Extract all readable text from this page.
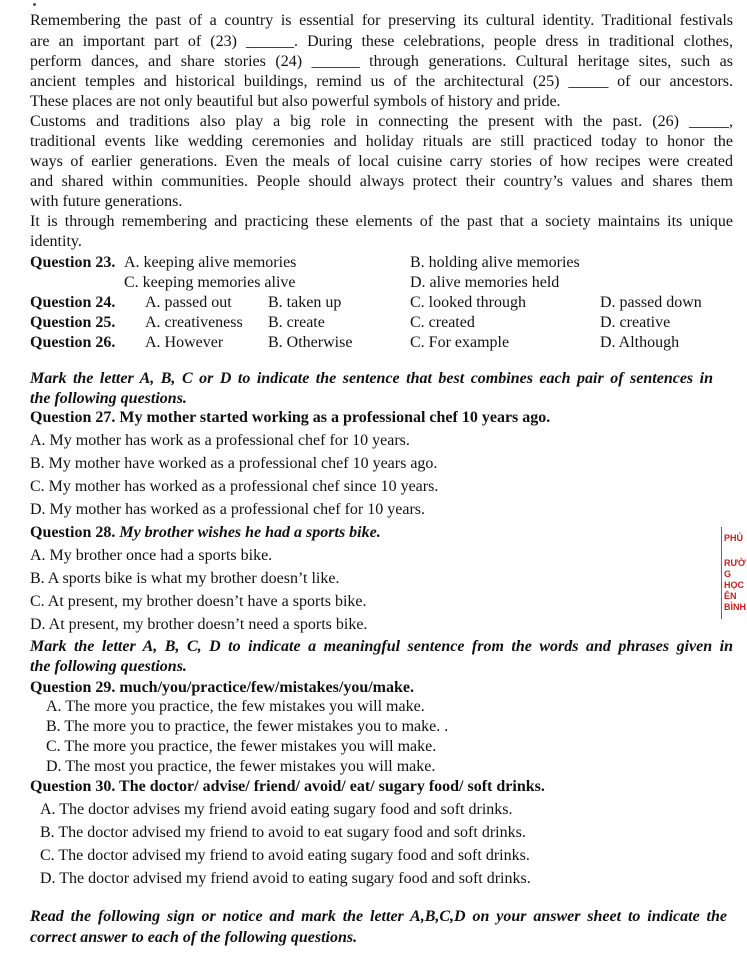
Remembering the past of a country is essential for preserving its cultural identity. Traditional festivals
are an important part of (23) ______. During these celebrations, people dress in traditional clothes,
perform dances, and share stories (24) ______ through generations. Cultural heritage sites, such as
ancient temples and historical buildings, remind us of the architectural (25) _____ of our ancestors.
These places are not only beautiful but also powerful symbols of history and pride.
Customs and traditions also play a big role in connecting the present with the past. (26) _____,
traditional events like wedding ceremonies and holiday rituals are still practiced today to honor the
ways of earlier generations. Even the meals of local cuisine carry stories of how recipes were created
and shared within communities. People should always protect their country’s values and shares them
with future generations.
It is through remembering and practicing these elements of the past that a society maintains its unique
identity.
Question 23. A. keeping alive memories	B. holding alive memories
C. keeping memories alive	D. alive memories held
Question 24. A. passed out B. taken up	C. looked through	D. passed down
Question 25. A. creativeness B. create	C. created	D. creative
Question 26. A. However	B. Otherwise	C. For example	D. Although
Mark the letter A, B, C or D to indicate the sentence that best combines each pair of sentences in
the following questions.
Question 27. My mother started working as a professional chef 10 years ago.
A. My mother has work as a professional chef for 10 years.
B. My mother have worked as a professional chef 10 years ago.
C. My mother has worked as a professional chef since 10 years.
D. My mother has worked as a professional chef for 10 years.
Question 28. My brother wishes he had a sports bike.
A. My brother once had a sports bike.
B. A sports bike is what my brother doesn’t like.
C. At present, my brother doesn’t have a sports bike.
D. At present, my brother doesn’t need a sports bike.
Mark the letter A, B, C, D to indicate a meaningful sentence from the words and phrases given in
the following questions.
Question 29. much/you/practice/few/mistakes/you/make.
A. The more you practice, the few mistakes you will make.
B. The more you to practice, the fewer mistakes you to make. .
C. The more you practice, the fewer mistakes you will make.
D. The most you practice, the fewer mistakes you will make.
Question 30. The doctor/ advise/ friend/ avoid/ eat/ sugary food/ soft drinks.
A. The doctor advises my friend avoid eating sugary food and soft drinks.
B. The doctor advised my friend to avoid to eat sugary food and soft drinks.
C. The doctor advised my friend to avoid eating sugary food and soft drinks.
D. The doctor advised my friend avoid to eating sugary food and soft drinks.
Read the following sign or notice and mark the letter A,B,C,D on your answer sheet to indicate the
correct answer to each of the following questions.
PHỦ
RƯỜ
G HỌC
ÊN BÌNH
